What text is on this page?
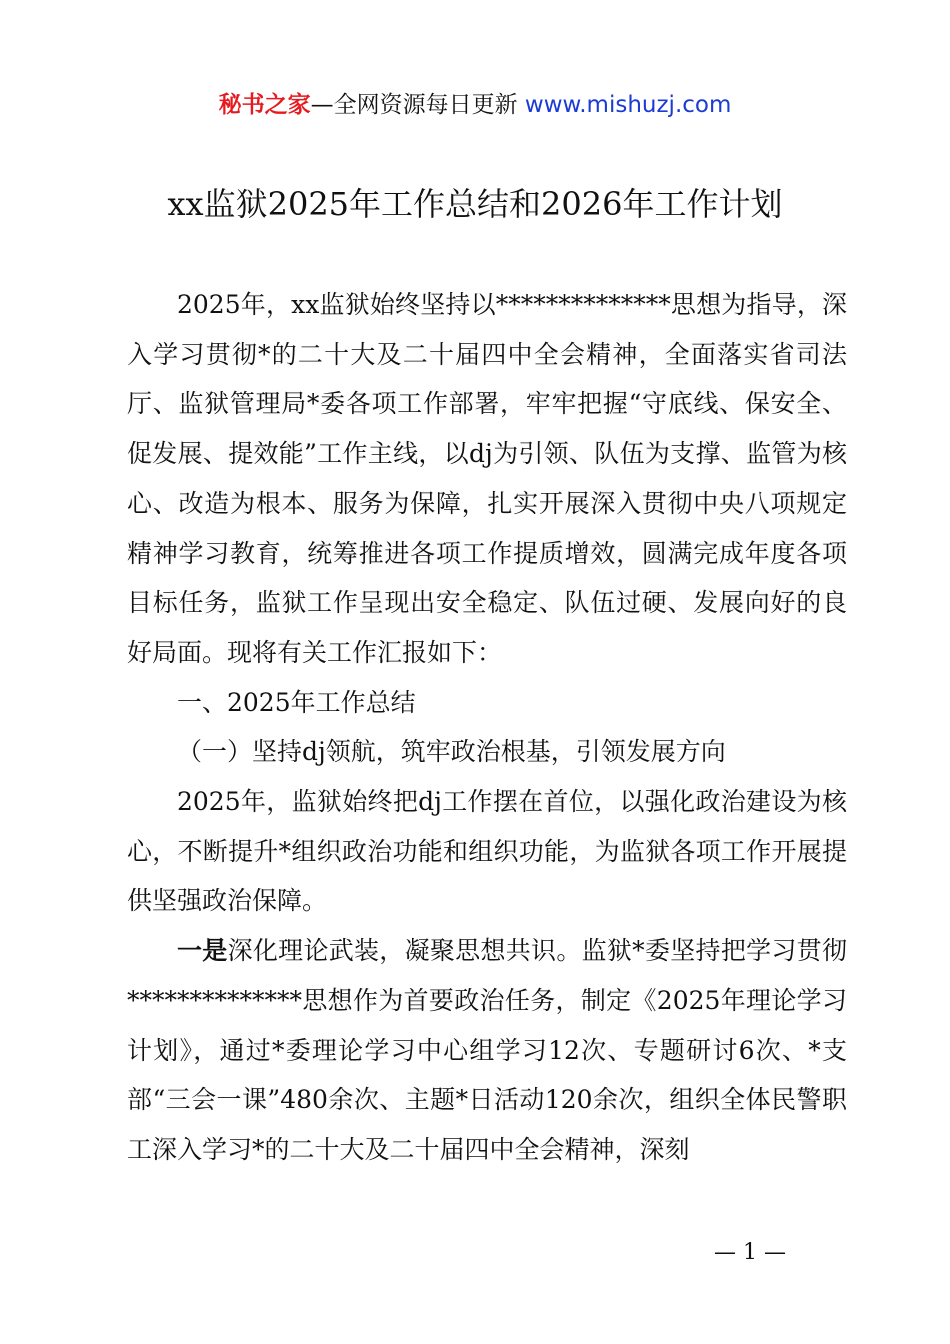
秘书之家—全网资源每日更新 www.mishuzj.com
xx监狱2025年工作总结和2026年工作计划

2025年，xx监狱始终坚持以**************思想为指导，深入学习贯彻*的二十大及二十届四中全会精神，全面落实省司法厅、监狱管理局*委各项工作部署，牢牢把握“守底线、保安全、促发展、提效能”工作主线，以dj为引领、队伍为支撑、监管为核心、改造为根本、服务为保障，扎实开展深入贯彻中央八项规定精神学习教育，统筹推进各项工作提质增效，圆满完成年度各项目标任务，监狱工作呈现出安全稳定、队伍过硬、发展向好的良好局面。现将有关工作汇报如下：

一、2025年工作总结

（一）坚持dj领航，筑牢政治根基，引领发展方向

2025年，监狱始终把dj工作摆在首位，以强化政治建设为核心，不断提升*组织政治功能和组织功能，为监狱各项工作开展提供坚强政治保障。

一是深化理论武装，凝聚思想共识。监狱*委坚持把学习贯彻**************思想作为首要政治任务，制定《2025年理论学习计划》，通过*委理论学习中心组学习12次、专题研讨6次、*支部“三会一课”480余次、主题*日活动120余次，组织全体民警职工深入学习*的二十大及二十届四中全会精神，深刻

— 1 —
